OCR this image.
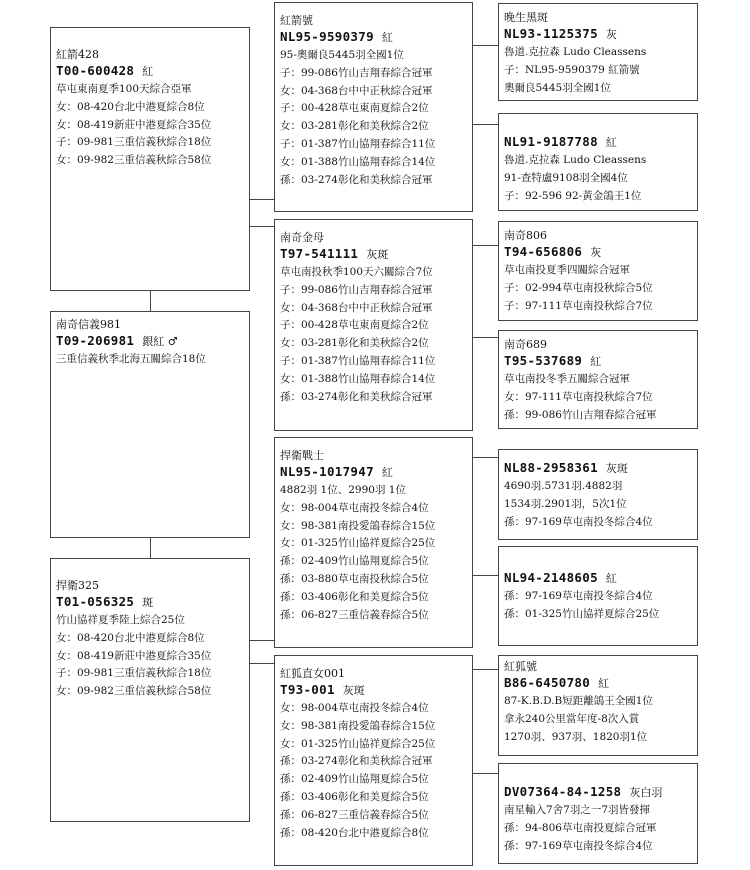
紅箭428
T00-600428 紅
草屯東南夏季100天綜合亞軍
女：08-420台北中港夏綜合8位
女：08-419新莊中港夏綜合35位
子：09-981三重信義秋綜合18位
女：09-982三重信義秋綜合58位
南奇信義981
T09-206981 銀紅 ♂
三重信義秋季北海五關綜合18位
捍衛325
T01-056325 斑
竹山協祥夏季陸上綜合25位
女：08-420台北中港夏綜合8位
女：08-419新莊中港夏綜合35位
子：09-981三重信義秋綜合18位
女：09-982三重信義秋綜合58位
紅箭號
NL95-9590379 紅
95-奧爾良5445羽全國1位
子：99-086竹山吉翔春綜合冠軍
女：04-368台中中正秋綜合冠軍
子：00-428草屯東南夏綜合2位
女：03-281彰化和美秋綜合2位
子：01-387竹山協翔春綜合11位
女：01-388竹山協翔春綜合14位
孫：03-274彰化和美秋綜合冠軍
南奇金母
T97-541111 灰斑
草屯南投秋季100天六關綜合7位
子：99-086竹山吉翔春綜合冠軍
女：04-368台中中正秋綜合冠軍
子：00-428草屯東南夏綜合2位
女：03-281彰化和美秋綜合2位
子：01-387竹山協翔春綜合11位
女：01-388竹山協翔春綜合14位
孫：03-274彰化和美秋綜合冠軍
捍衛戰士
NL95-1017947 紅
4882羽 1位、2990羽 1位
女：98-004草屯南投冬綜合4位
女：98-381南投愛鴿春綜合15位
女：01-325竹山協祥夏綜合25位
孫：02-409竹山協翔夏綜合5位
孫：03-880草屯南投秋綜合5位
孫：03-406彰化和美夏綜合5位
孫：06-827三重信義春綜合5位
紅狐直女001
T93-001 灰斑
女：98-004草屯南投冬綜合4位
女：98-381南投愛鴿春綜合15位
女：01-325竹山協祥夏綜合25位
孫：03-274彰化和美秋綜合冠軍
孫：02-409竹山協翔夏綜合5位
孫：03-406彰化和美夏綜合5位
孫：06-827三重信義春綜合5位
孫：08-420台北中港夏綜合8位
晚生黑斑
NL93-1125375 灰
魯道.克拉森 Ludo Cleassens
子：NL95-9590379 紅箭號
奧爾良5445羽全國1位
NL91-9187788 紅
魯道.克拉森 Ludo Cleassens
91-查特盧9108羽全國4位
子：92-596 92-黃金鴿王1位
南奇806
T94-656806 灰
草屯南投夏季四關綜合冠軍
子：02-994草屯南投秋綜合5位
子：97-111草屯南投秋綜合7位
南奇689
T95-537689 紅
草屯南投冬季五關綜合冠軍
女：97-111草屯南投秋綜合7位
孫：99-086竹山吉翔春綜合冠軍
NL88-2958361 灰斑
4690羽.5731羽.4882羽
1534羽.2901羽，5次1位
孫：97-169草屯南投冬綜合4位
NL94-2148605 紅
孫：97-169草屯南投冬綜合4位
孫：01-325竹山協祥夏綜合25位
紅狐號
B86-6450780 紅
87-K.B.D.B短距離鴿王全國1位
拿永240公里當年度-8次入賞
1270羽、937羽、1820羽1位
DV07364-84-1258 灰白羽
南星輸入7舍7羽之一7羽皆發揮
孫：94-806草屯南投夏綜合冠軍
孫：97-169草屯南投冬綜合4位
